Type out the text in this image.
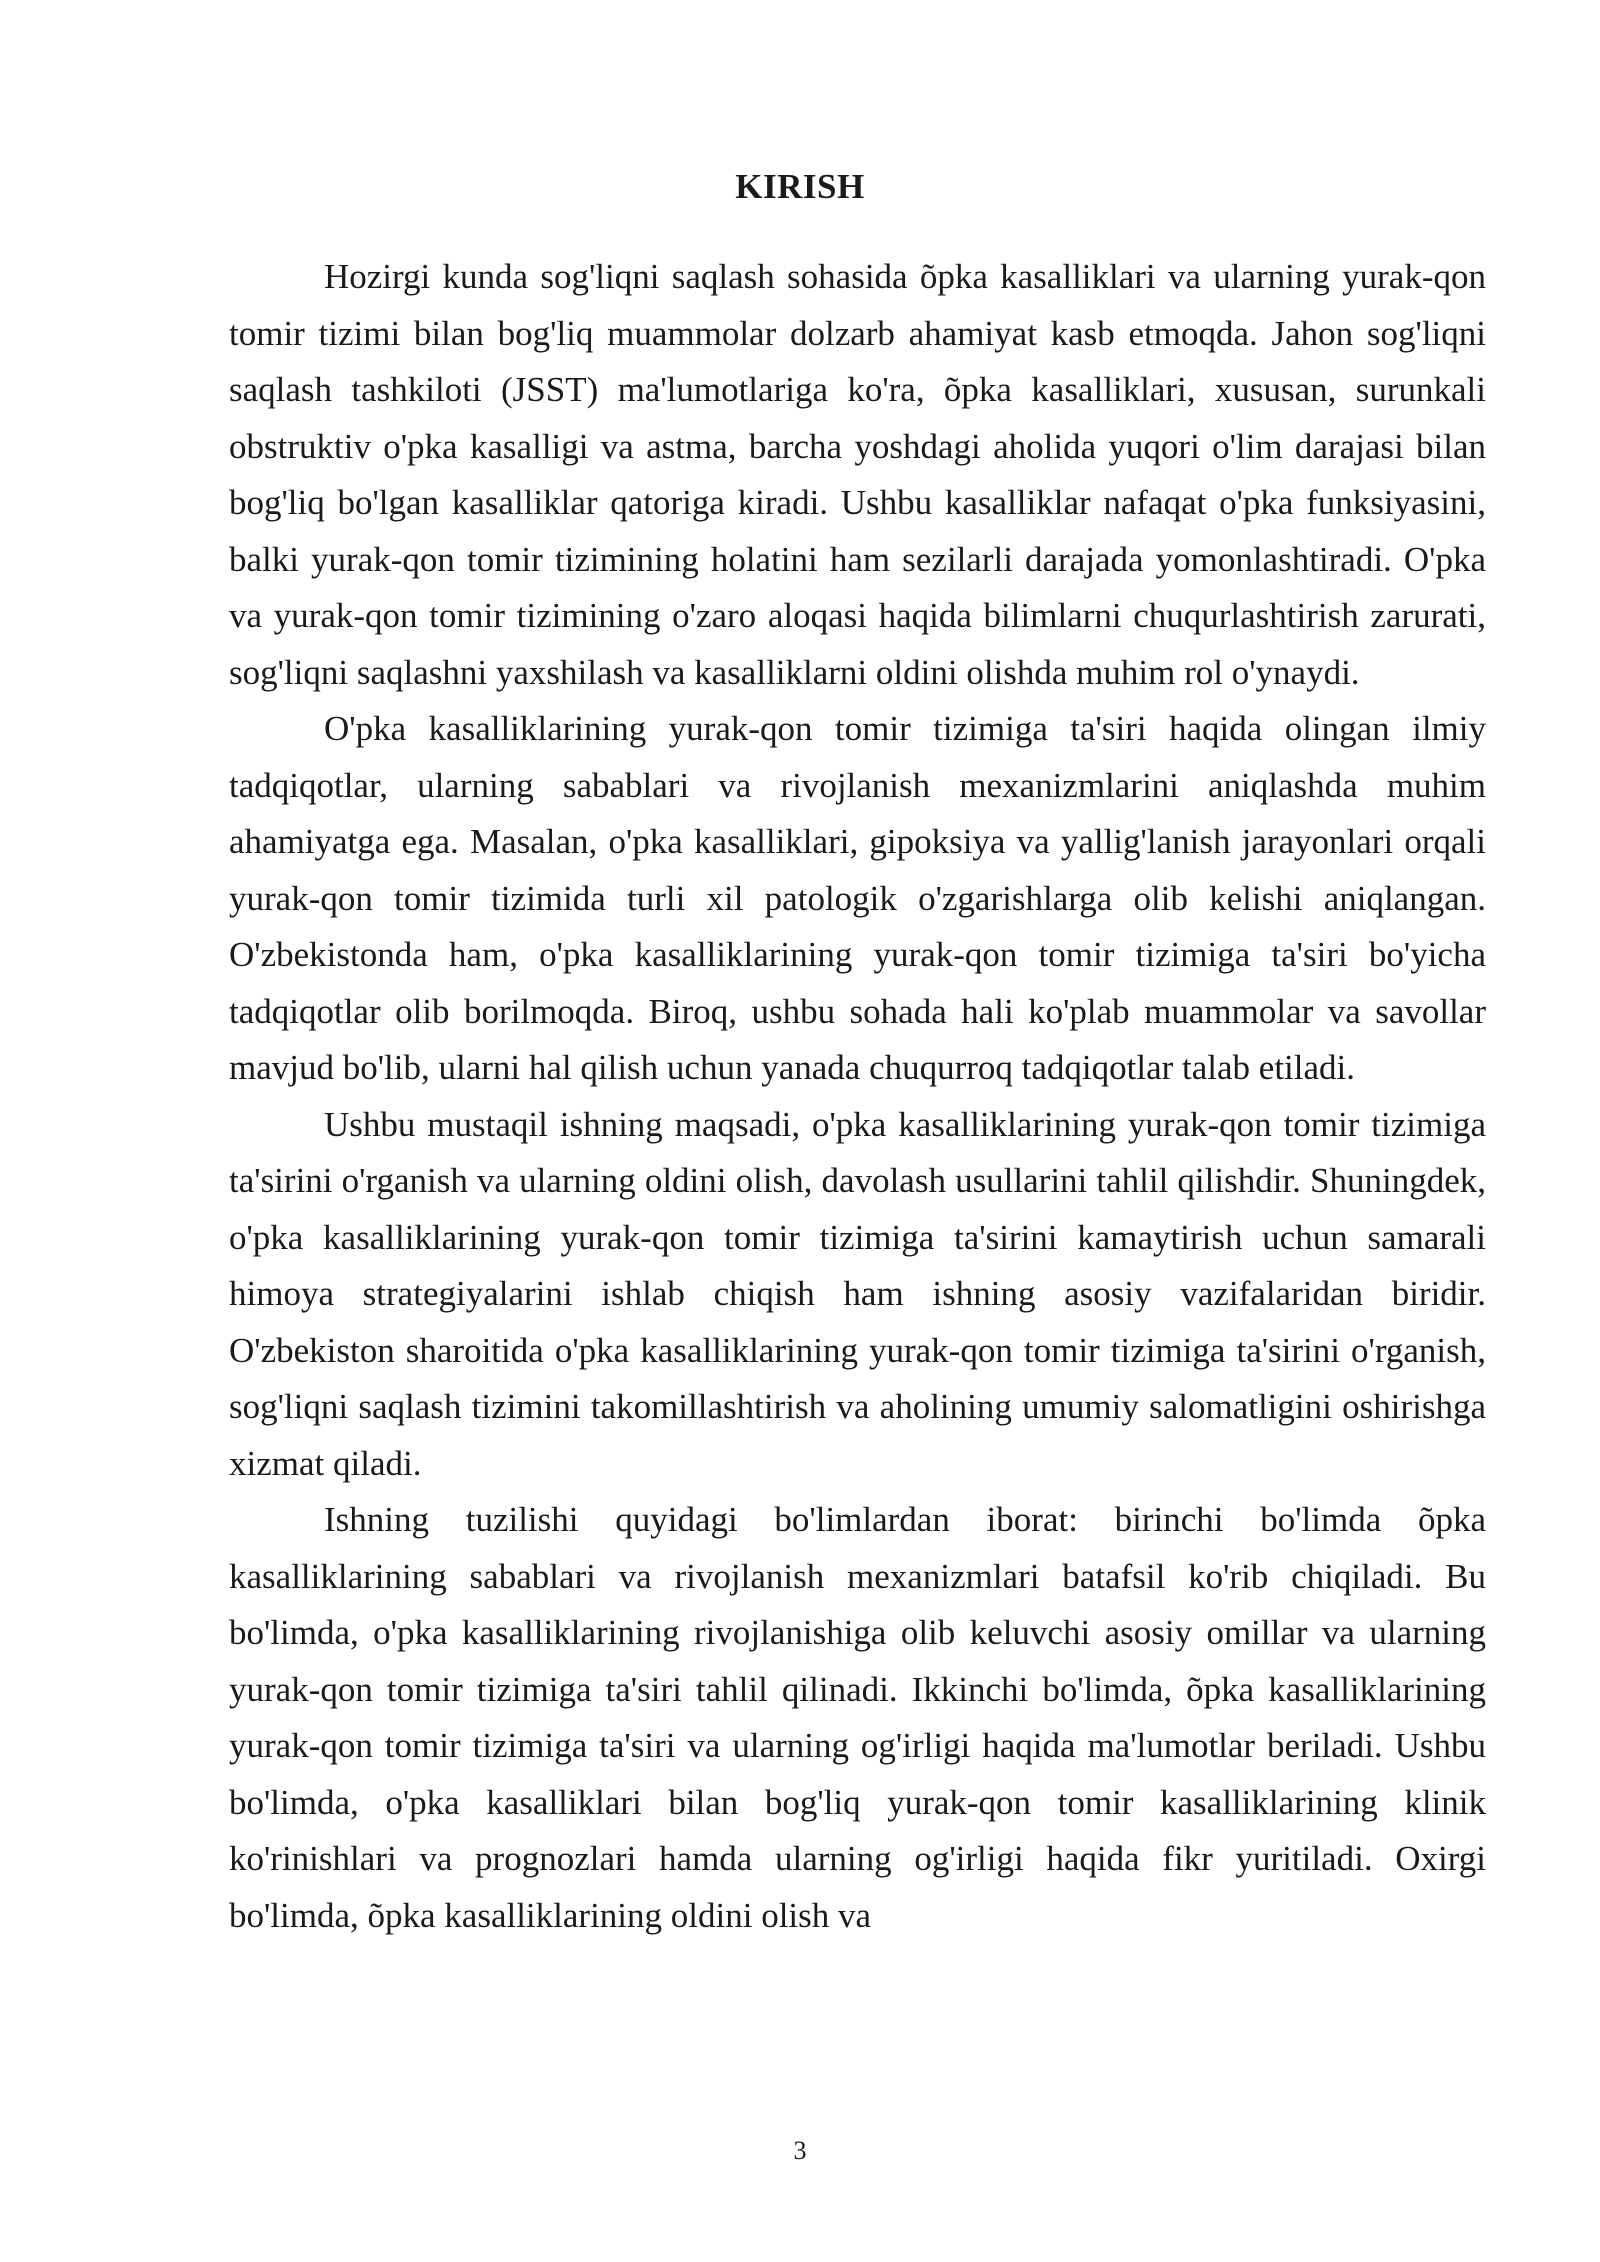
KIRISH

Hozirgi kunda sog'liqni saqlash sohasida õpka kasalliklari va ularning yurak-qon tomir tizimi bilan bog'liq muammolar dolzarb ahamiyat kasb etmoqda. Jahon sog'liqni saqlash tashkiloti (JSST) ma'lumotlariga ko'ra, õpka kasalliklari, xususan, surunkali obstruktiv o'pka kasalligi va astma, barcha yoshdagi aholida yuqori o'lim darajasi bilan bog'liq bo'lgan kasalliklar qatoriga kiradi. Ushbu kasalliklar nafaqat o'pka funksiyasini, balki yurak-qon tomir tizimining holatini ham sezilarli darajada yomonlashtiradi. O'pka va yurak-qon tomir tizimining o'zaro aloqasi haqida bilimlarni chuqurlashtirish zarurati, sog'liqni saqlashni yaxshilash va kasalliklarni oldini olishda muhim rol o'ynaydi.

O'pka kasalliklarining yurak-qon tomir tizimiga ta'siri haqida olingan ilmiy tadqiqotlar, ularning sabablari va rivojlanish mexanizmlarini aniqlashda muhim ahamiyatga ega. Masalan, o'pka kasalliklari, gipoksiya va yallig'lanish jarayonlari orqali yurak-qon tomir tizimida turli xil patologik o'zgarishlarga olib kelishi aniqlangan. O'zbekistonda ham, o'pka kasalliklarining yurak-qon tomir tizimiga ta'siri bo'yicha tadqiqotlar olib borilmoqda. Biroq, ushbu sohada hali ko'plab muammolar va savollar mavjud bo'lib, ularni hal qilish uchun yanada chuqurroq tadqiqotlar talab etiladi.

Ushbu mustaqil ishning maqsadi, o'pka kasalliklarining yurak-qon tomir tizimiga ta'sirini o'rganish va ularning oldini olish, davolash usullarini tahlil qilishdir. Shuningdek, o'pka kasalliklarining yurak-qon tomir tizimiga ta'sirini kamaytirish uchun samarali himoya strategiyalarini ishlab chiqish ham ishning asosiy vazifalaridan biridir. O'zbekiston sharoitida o'pka kasalliklarining yurak-qon tomir tizimiga ta'sirini o'rganish, sog'liqni saqlash tizimini takomillashtirish va aholining umumiy salomatligini oshirishga xizmat qiladi.

Ishning tuzilishi quyidagi bo'limlardan iborat: birinchi bo'limda õpka kasalliklarining sabablari va rivojlanish mexanizmlari batafsil ko'rib chiqiladi. Bu bo'limda, o'pka kasalliklarining rivojlanishiga olib keluvchi asosiy omillar va ularning yurak-qon tomir tizimiga ta'siri tahlil qilinadi. Ikkinchi bo'limda, õpka kasalliklarining yurak-qon tomir tizimiga ta'siri va ularning og'irligi haqida ma'lumotlar beriladi. Ushbu bo'limda, o'pka kasalliklari bilan bog'liq yurak-qon tomir kasalliklarining klinik ko'rinishlari va prognozlari hamda ularning og'irligi haqida fikr yuritiladi. Oxirgi bo'limda, õpka kasalliklarining oldini olish va

3
